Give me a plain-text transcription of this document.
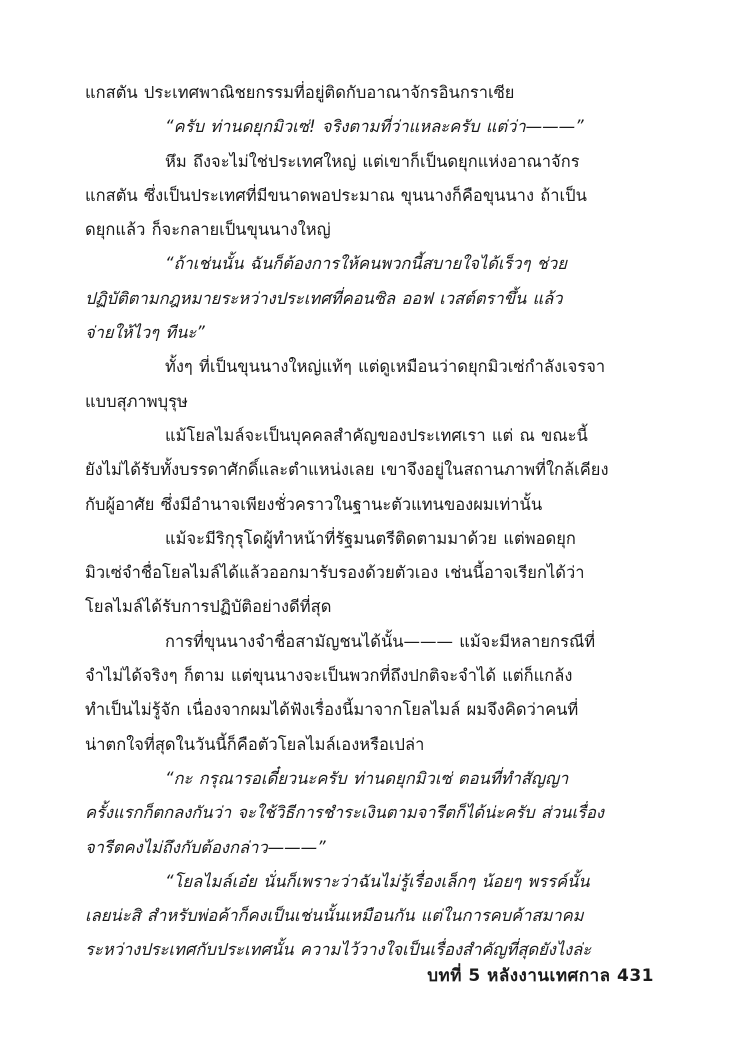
แกสตัน ประเทศพาณิชยกรรมที่อยู่ติดกับอาณาจักรอินกราเซีย

“ครับ ท่านดยุกมิวเซ่! จริงตามที่ว่าแหละครับ แต่ว่า———”

หึม ถึงจะไม่ใช่ประเทศใหญ่ แต่เขาก็เป็นดยุกแห่งอาณาจักร
แกสตัน ซึ่งเป็นประเทศที่มีขนาดพอประมาณ ขุนนางก็คือขุนนาง ถ้าเป็น
ดยุกแล้ว ก็จะกลายเป็นขุนนางใหญ่

“ถ้าเช่นนั้น ฉันก็ต้องการให้คนพวกนี้สบายใจได้เร็วๆ ช่วย
ปฏิบัติตามกฎหมายระหว่างประเทศที่คอนซิล ออฟ เวสต์ตราขึ้น แล้ว
จ่ายให้ไวๆ ทีนะ”

ทั้งๆ ที่เป็นขุนนางใหญ่แท้ๆ แต่ดูเหมือนว่าดยุกมิวเซ่กำลังเจรจา
แบบสุภาพบุรุษ

แม้โยลไมล์จะเป็นบุคคลสำคัญของประเทศเรา แต่ ณ ขณะนี้
ยังไม่ได้รับทั้งบรรดาศักดิ์และตำแหน่งเลย เขาจึงอยู่ในสถานภาพที่ใกล้เคียง
กับผู้อาศัย ซึ่งมีอำนาจเพียงชั่วคราวในฐานะตัวแทนของผมเท่านั้น

แม้จะมีริกุรุโดผู้ทำหน้าที่รัฐมนตรีติดตามมาด้วย แต่พอดยุก
มิวเซ่จำชื่อโยลไมล์ได้แล้วออกมารับรองด้วยตัวเอง เช่นนี้อาจเรียกได้ว่า
โยลไมล์ได้รับการปฏิบัติอย่างดีที่สุด

การที่ขุนนางจำชื่อสามัญชนได้นั้น——— แม้จะมีหลายกรณีที่
จำไม่ได้จริงๆ ก็ตาม แต่ขุนนางจะเป็นพวกที่ถึงปกติจะจำได้ แต่ก็แกล้ง
ทำเป็นไม่รู้จัก เนื่องจากผมได้ฟังเรื่องนี้มาจากโยลไมล์ ผมจึงคิดว่าคนที่
น่าตกใจที่สุดในวันนี้ก็คือตัวโยลไมล์เองหรือเปล่า

“กะ กรุณารอเดี๋ยวนะครับ ท่านดยุกมิวเซ่ ตอนที่ทำสัญญา
ครั้งแรกก็ตกลงกันว่า จะใช้วิธีการชำระเงินตามจารีตก็ได้น่ะครับ ส่วนเรื่อง
จารีตคงไม่ถึงกับต้องกล่าว———”

“โยลไมล์เอ๋ย นั่นก็เพราะว่าฉันไม่รู้เรื่องเล็กๆ น้อยๆ พรรค์นั้น
เลยน่ะสิ สำหรับพ่อค้าก็คงเป็นเช่นนั้นเหมือนกัน แต่ในการคบค้าสมาคม
ระหว่างประเทศกับประเทศนั้น ความไว้วางใจเป็นเรื่องสำคัญที่สุดยังไงล่ะ

บทที่ 5 หลังงานเทศกาล 431
